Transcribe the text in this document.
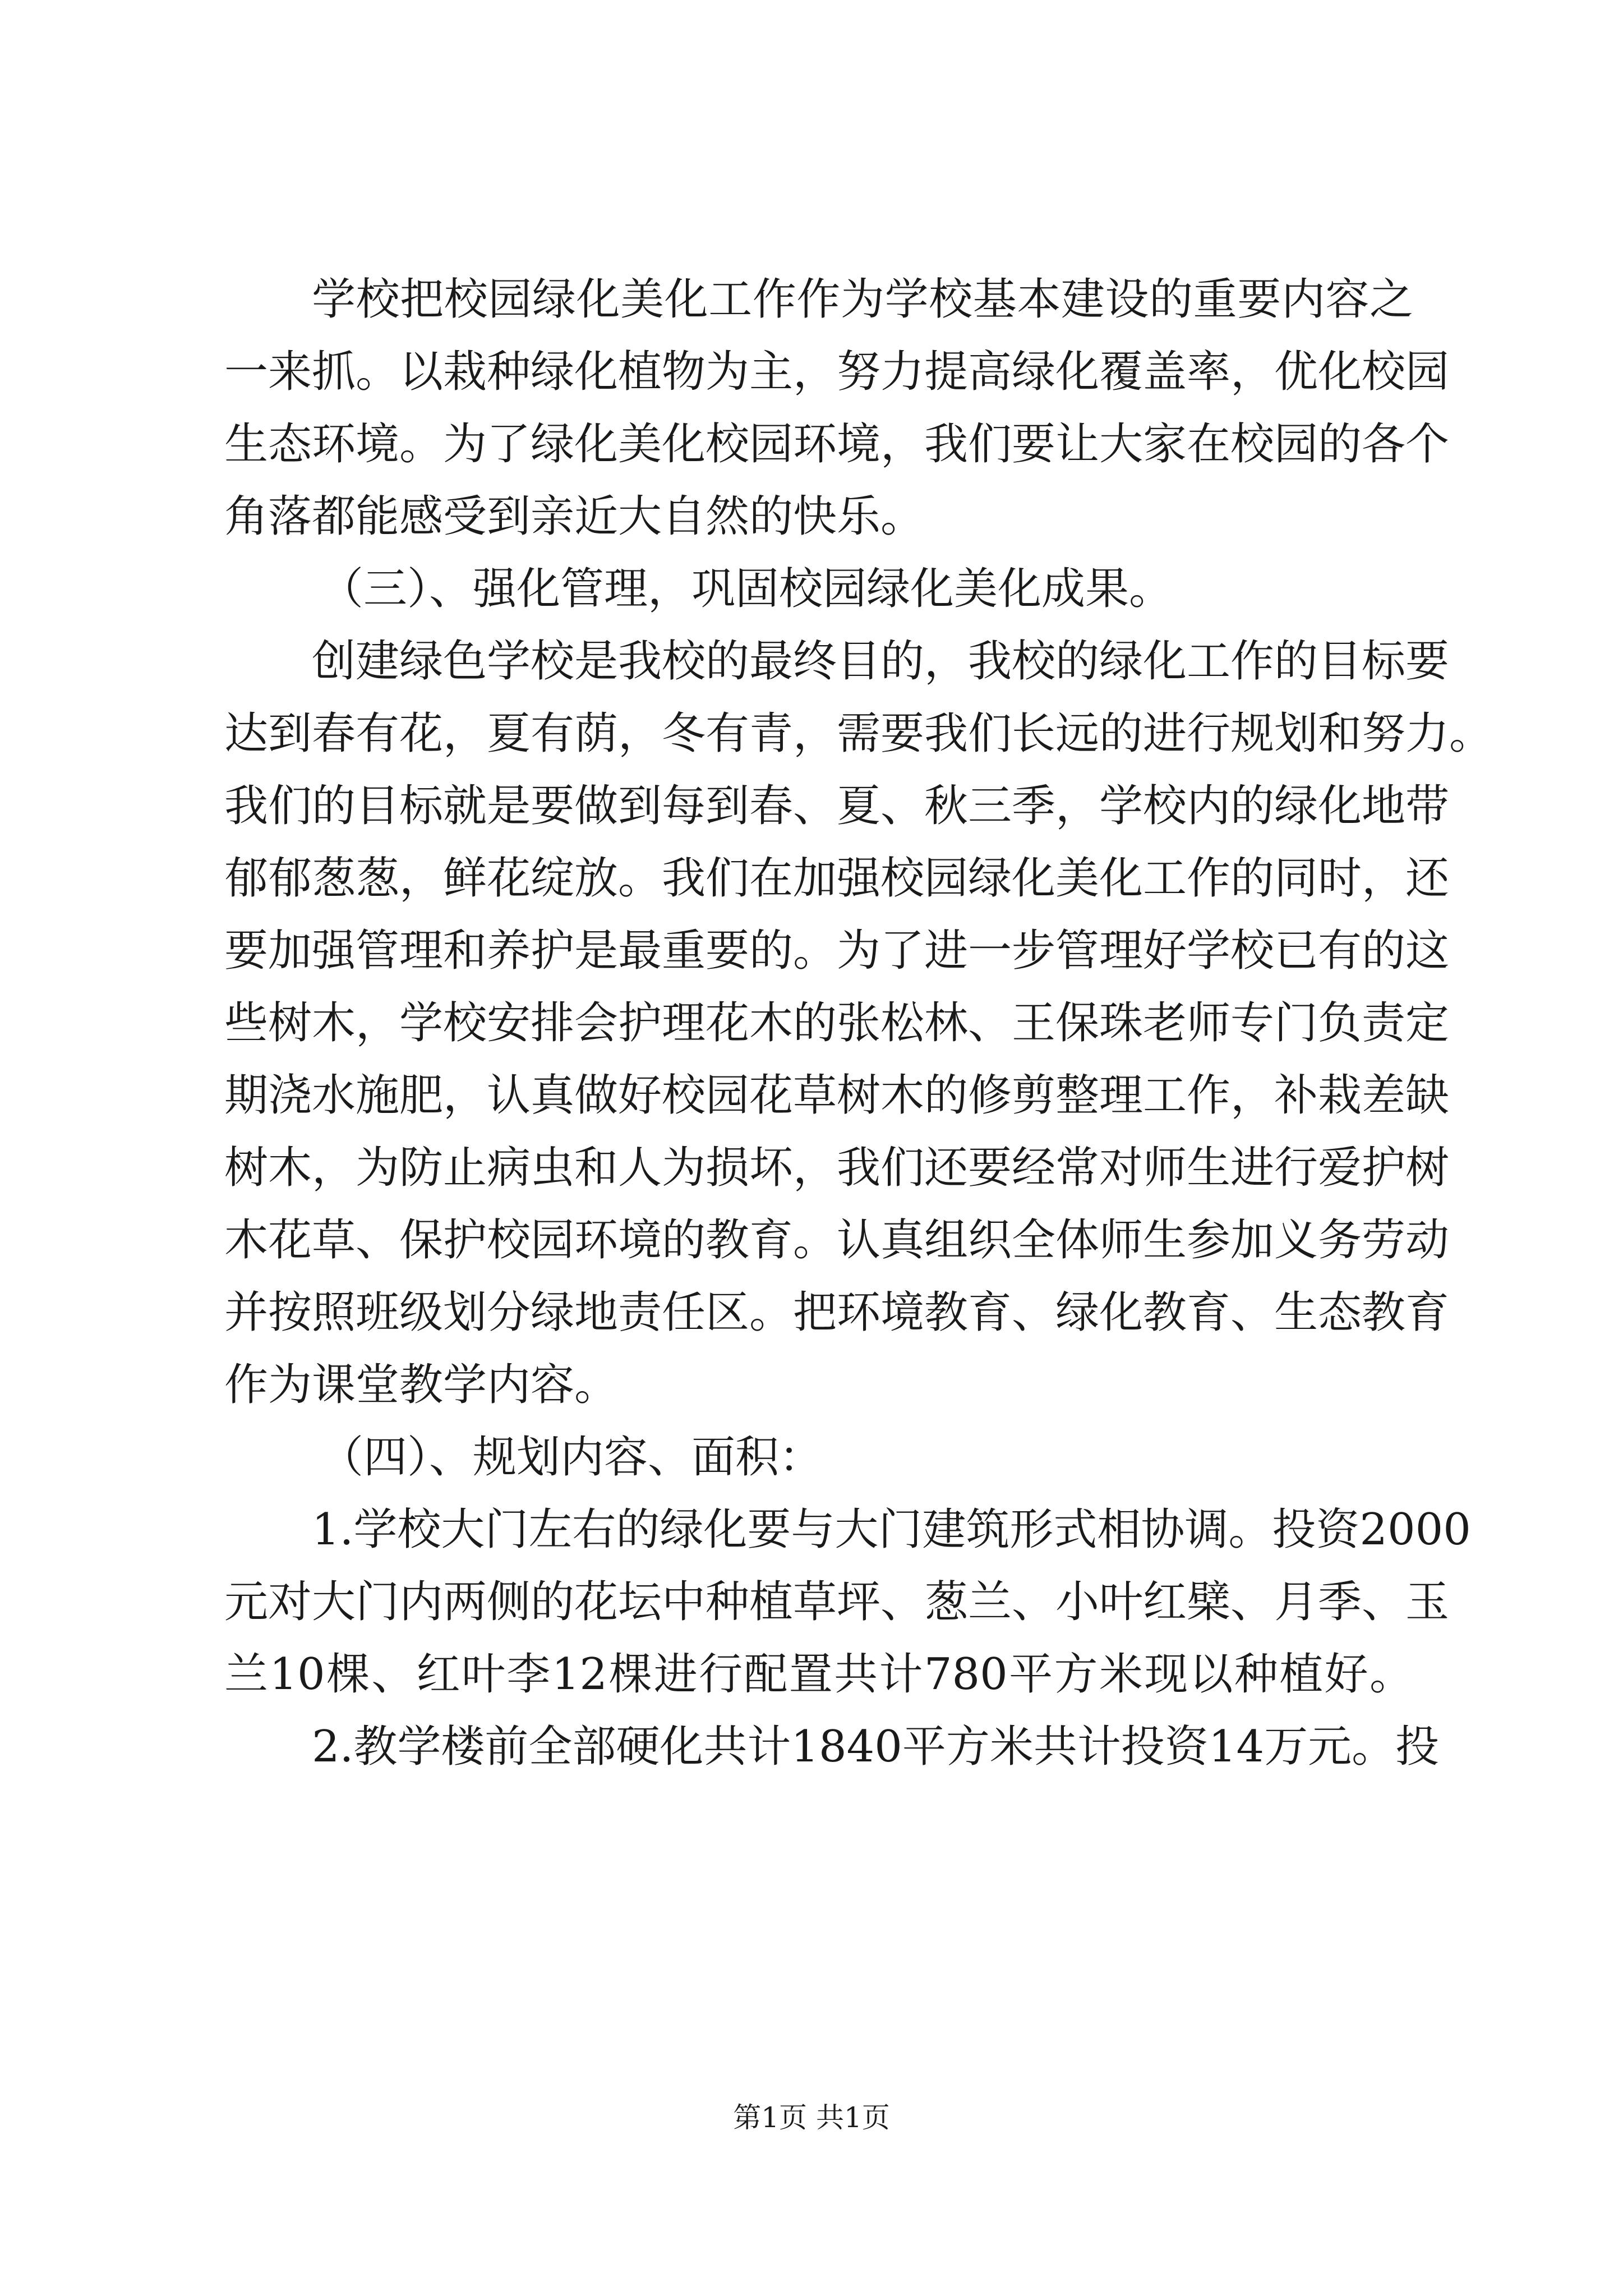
学校把校园绿化美化工作作为学校基本建设的重要内容之
一来抓。以栽种绿化植物为主，努力提高绿化覆盖率，优化校园
生态环境。为了绿化美化校园环境，我们要让大家在校园的各个
角落都能感受到亲近大自然的快乐。
（三）、强化管理，巩固校园绿化美化成果。
创建绿色学校是我校的最终目的，我校的绿化工作的目标要
达到春有花，夏有荫，冬有青，需要我们长远的进行规划和努力。
我们的目标就是要做到每到春、夏、秋三季，学校内的绿化地带
郁郁葱葱，鲜花绽放。我们在加强校园绿化美化工作的同时，还
要加强管理和养护是最重要的。为了进一步管理好学校已有的这
些树木，学校安排会护理花木的张松林、王保珠老师专门负责定
期浇水施肥，认真做好校园花草树木的修剪整理工作，补栽差缺
树木，为防止病虫和人为损坏，我们还要经常对师生进行爱护树
木花草、保护校园环境的教育。认真组织全体师生参加义务劳动
并按照班级划分绿地责任区。把环境教育、绿化教育、生态教育
作为课堂教学内容。
（四）、规划内容、面积：
1.学校大门左右的绿化要与大门建筑形式相协调。投资2000
元对大门内两侧的花坛中种植草坪、葱兰、小叶红檗、月季、玉
兰10棵、红叶李12棵进行配置共计780平方米现以种植好。
2.教学楼前全部硬化共计1840平方米共计投资14万元。投
第1页 共1页
